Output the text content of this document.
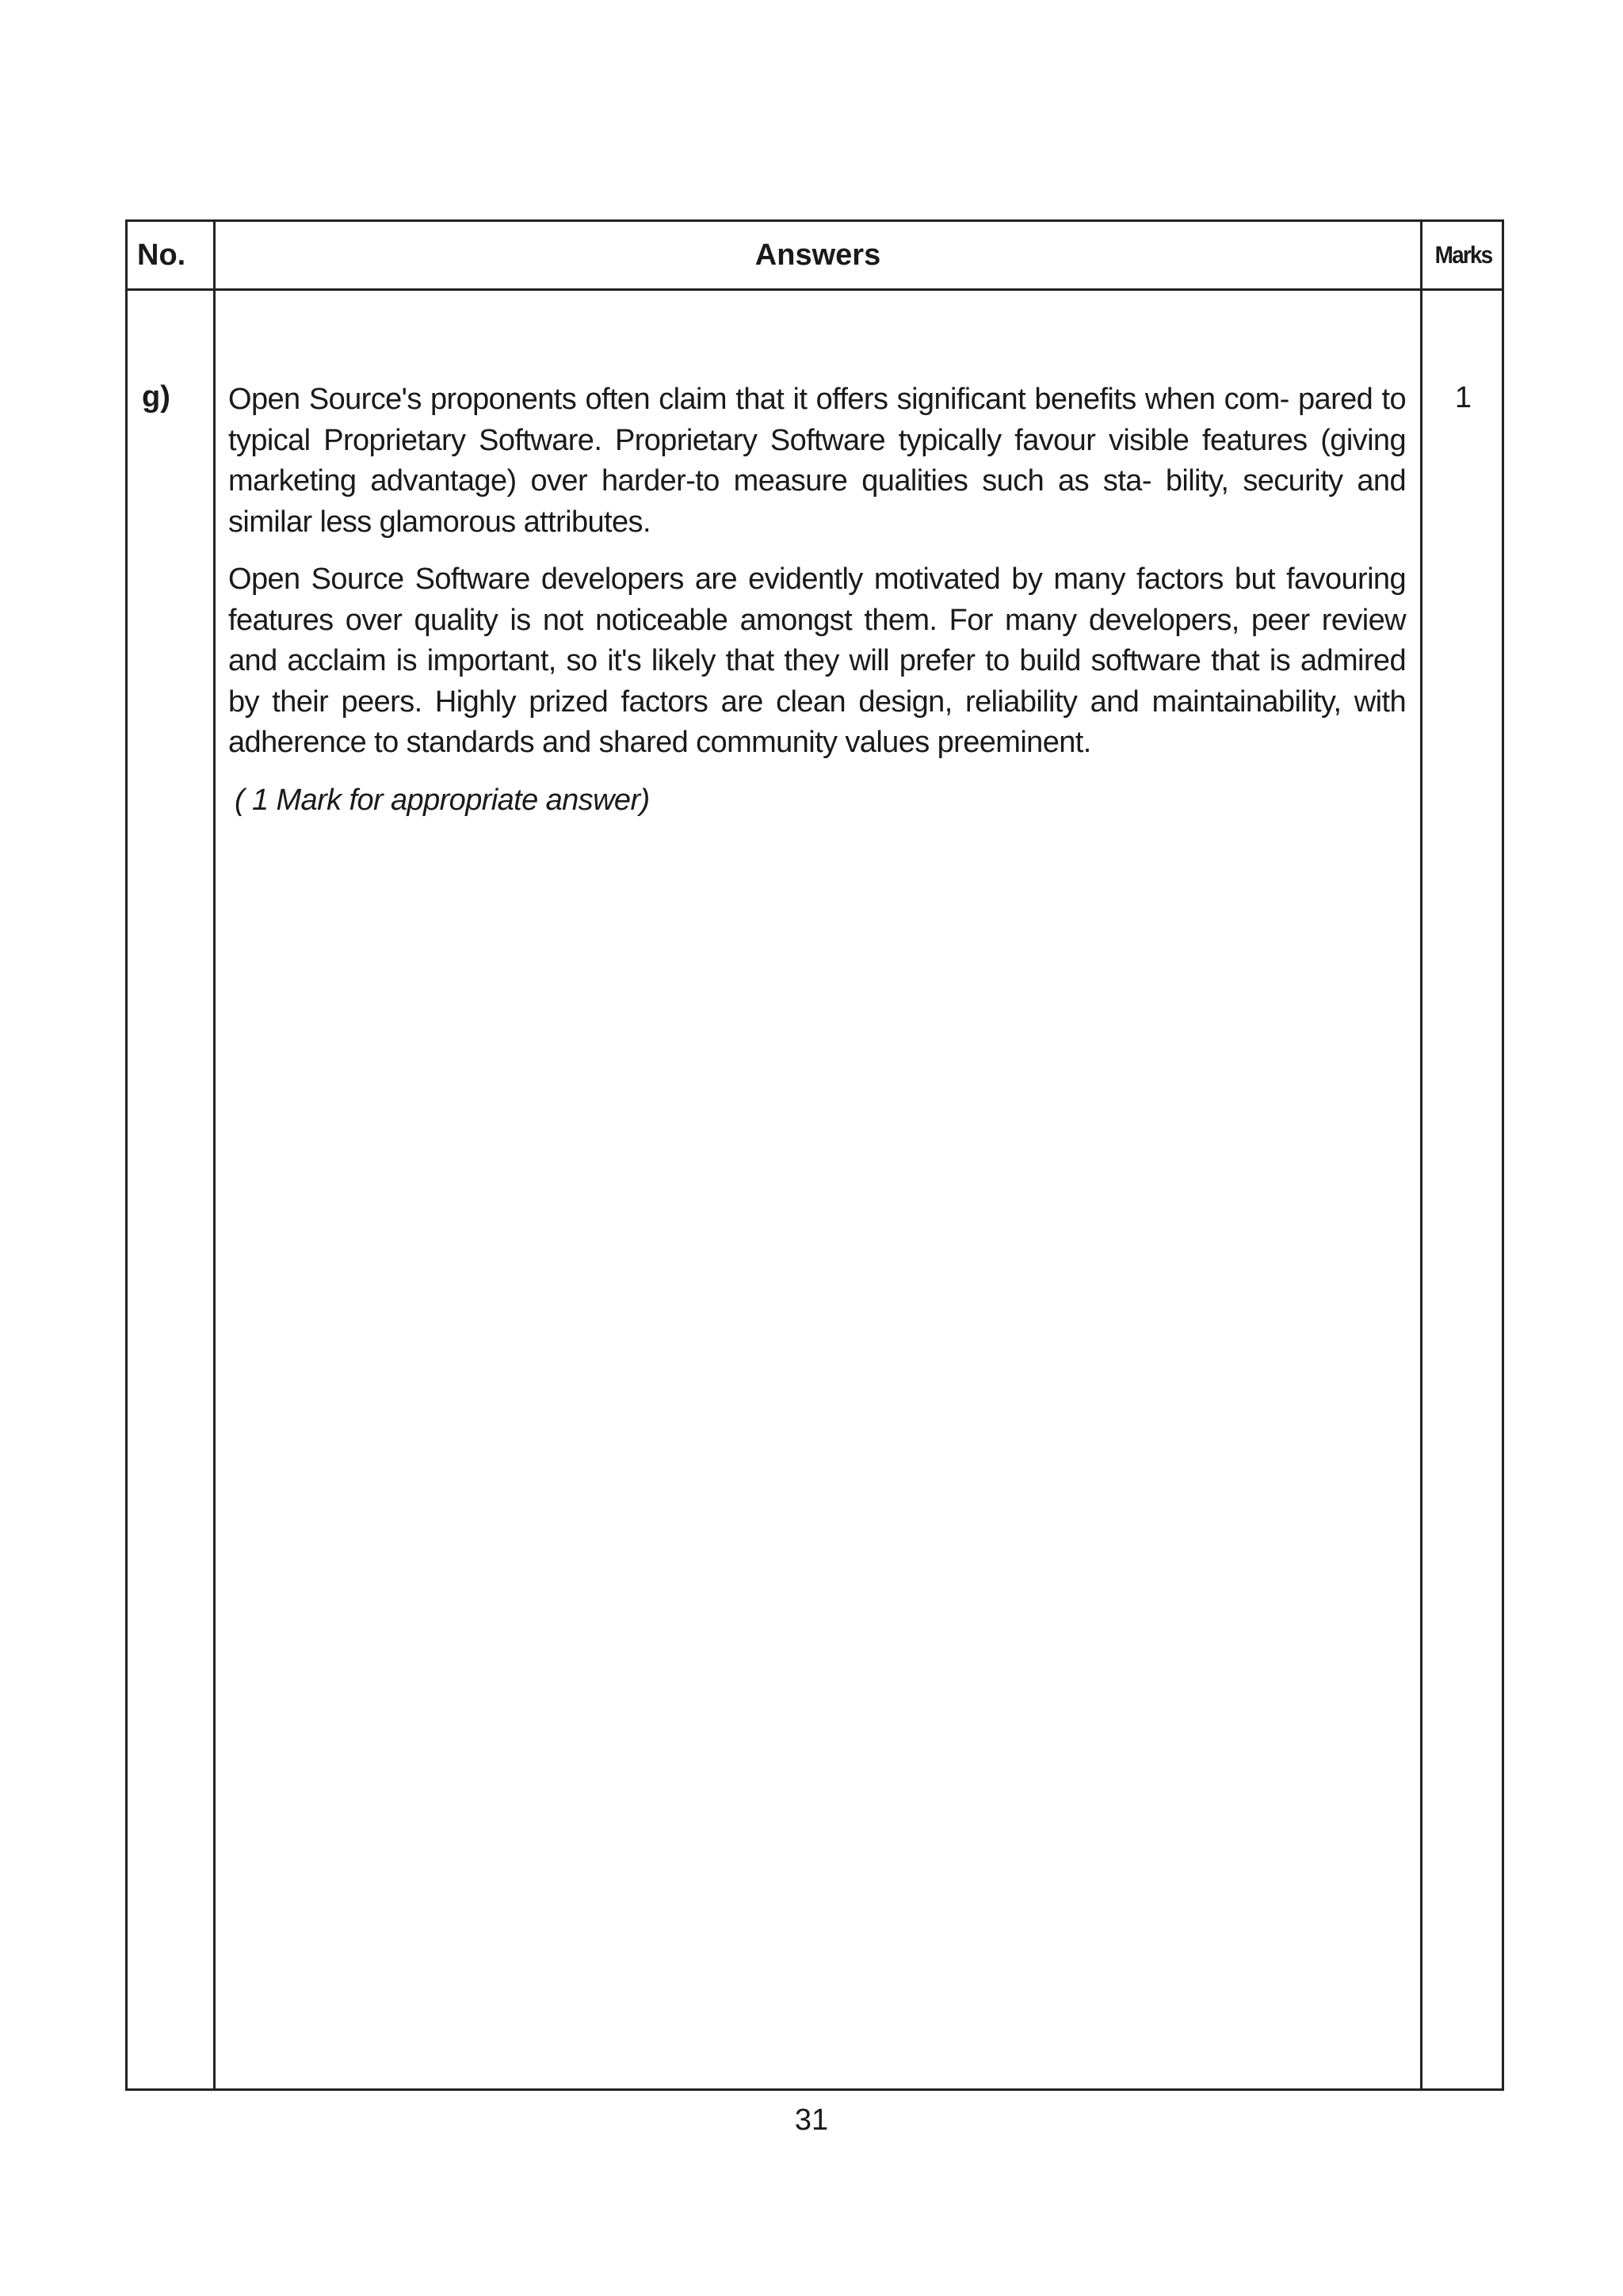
No.	Answers	Marks
g) Open Source's proponents often claim that it offers significant benefits when com- pared to typical Proprietary Software. Proprietary Software typically favour visible features (giving marketing advantage) over harder-to measure qualities such as sta- bility, security and similar less glamorous attributes.

Open Source Software developers are evidently motivated by many factors but favouring features over quality is not noticeable amongst them. For many developers, peer review and acclaim is important, so it's likely that they will prefer to build software that is admired by their peers. Highly prized factors are clean design, reliability and maintainability, with adherence to standards and shared community values preeminent.

( 1 Mark for appropriate answer)

1
31
